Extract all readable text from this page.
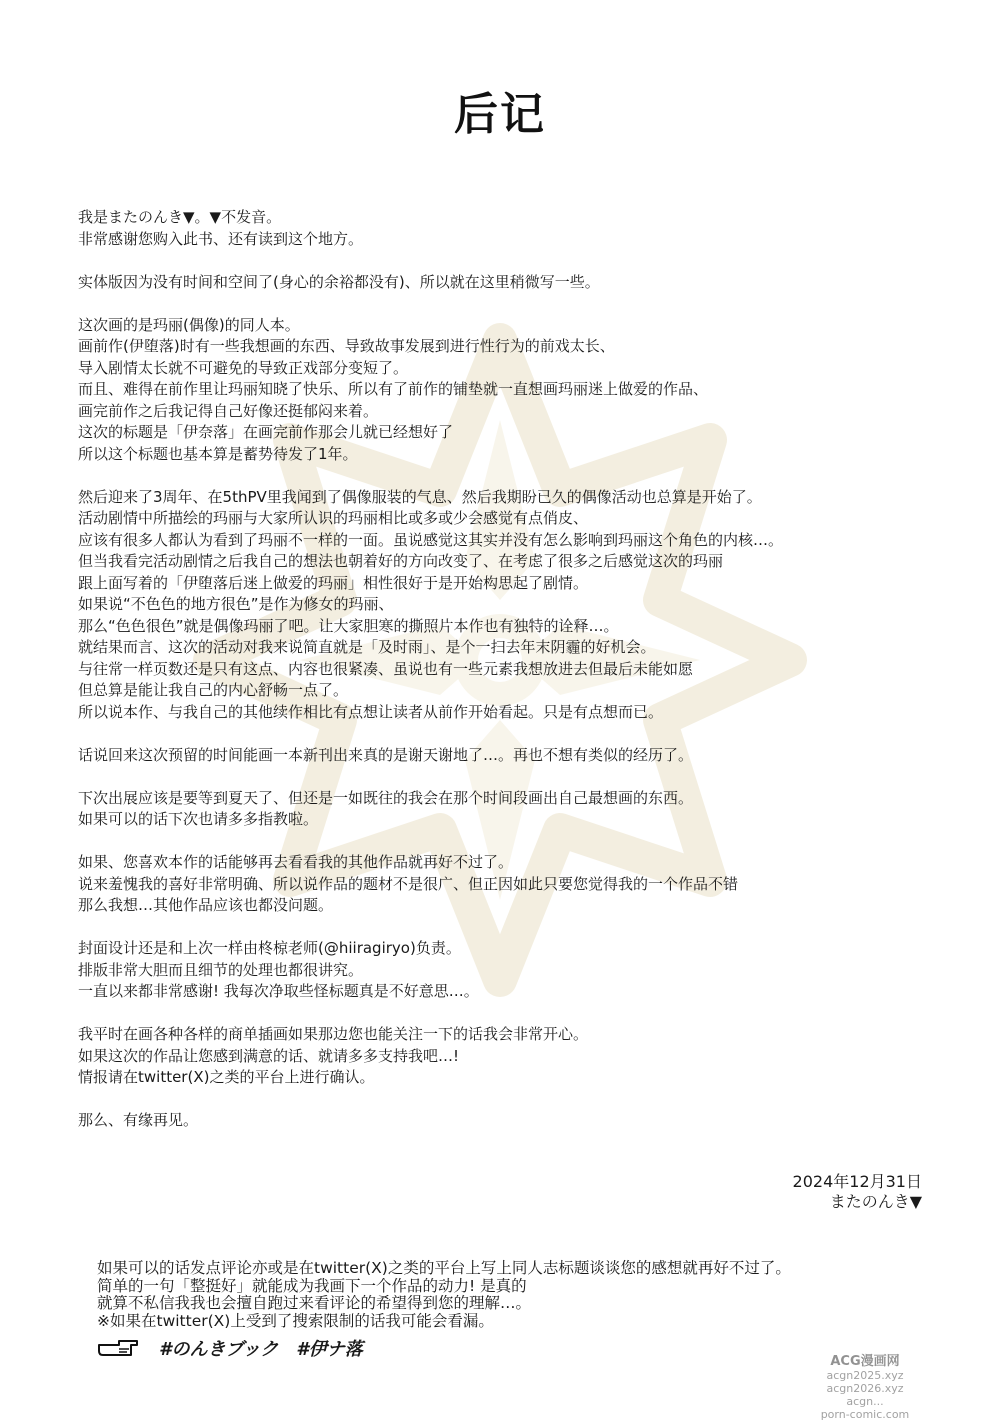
后记
我是またのんき▼。▼不发音。
非常感谢您购入此书、还有读到这个地方。
实体版因为没有时间和空间了(身心的余裕都没有)、所以就在这里稍微写一些。
这次画的是玛丽(偶像)的同人本。
画前作(伊堕落)时有一些我想画的东西、导致故事发展到进行性行为的前戏太长、
导入剧情太长就不可避免的导致正戏部分变短了。
而且、难得在前作里让玛丽知晓了快乐、所以有了前作的铺垫就一直想画玛丽迷上做爱的作品、
画完前作之后我记得自己好像还挺郁闷来着。
这次的标题是「伊奈落」在画完前作那会儿就已经想好了
所以这个标题也基本算是蓄势待发了1年。
然后迎来了3周年、在5thPV里我闻到了偶像服装的气息、然后我期盼已久的偶像活动也总算是开始了。
活动剧情中所描绘的玛丽与大家所认识的玛丽相比或多或少会感觉有点俏皮、
应该有很多人都认为看到了玛丽不一样的一面。虽说感觉这其实并没有怎么影响到玛丽这个角色的内核…。
但当我看完活动剧情之后我自己的想法也朝着好的方向改变了、在考虑了很多之后感觉这次的玛丽
跟上面写着的「伊堕落后迷上做爱的玛丽」相性很好于是开始构思起了剧情。
如果说“不色色的地方很色”是作为修女的玛丽、
那么“色色很色”就是偶像玛丽了吧。让大家胆寒的撕照片本作也有独特的诠释…。
就结果而言、这次的活动对我来说简直就是「及时雨」、是个一扫去年末阴霾的好机会。
与往常一样页数还是只有这点、内容也很紧凑、虽说也有一些元素我想放进去但最后未能如愿
但总算是能让我自己的内心舒畅一点了。
所以说本作、与我自己的其他续作相比有点想让读者从前作开始看起。只是有点想而已。
话说回来这次预留的时间能画一本新刊出来真的是谢天谢地了…。再也不想有类似的经历了。
下次出展应该是要等到夏天了、但还是一如既往的我会在那个时间段画出自己最想画的东西。
如果可以的话下次也请多多指教啦。
如果、您喜欢本作的话能够再去看看我的其他作品就再好不过了。
说来羞愧我的喜好非常明确、所以说作品的题材不是很广、但正因如此只要您觉得我的一个作品不错
那么我想…其他作品应该也都没问题。
封面设计还是和上次一样由柊椋老师(@hiiragiryo)负责。
排版非常大胆而且细节的处理也都很讲究。
一直以来都非常感谢! 我每次净取些怪标题真是不好意思…。
我平时在画各种各样的商单插画如果那边您也能关注一下的话我会非常开心。
如果这次的作品让您感到满意的话、就请多多支持我吧…!
情报请在twitter(X)之类的平台上进行确认。
那么、有缘再见。
2024年12月31日
またのんき▼
如果可以的话发点评论亦或是在twitter(X)之类的平台上写上同人志标题谈谈您的感想就再好不过了。
简单的一句「整挺好」就能成为我画下一个作品的动力! 是真的
就算不私信我我也会擅自跑过来看评论的希望得到您的理解…。
※如果在twitter(X)上受到了搜索限制的话我可能会看漏。
#のんきブック #伊ナ落
ACG漫画网
acgn2025.xyz
acgn2026.xyz
acgn...
porn-comic.com
